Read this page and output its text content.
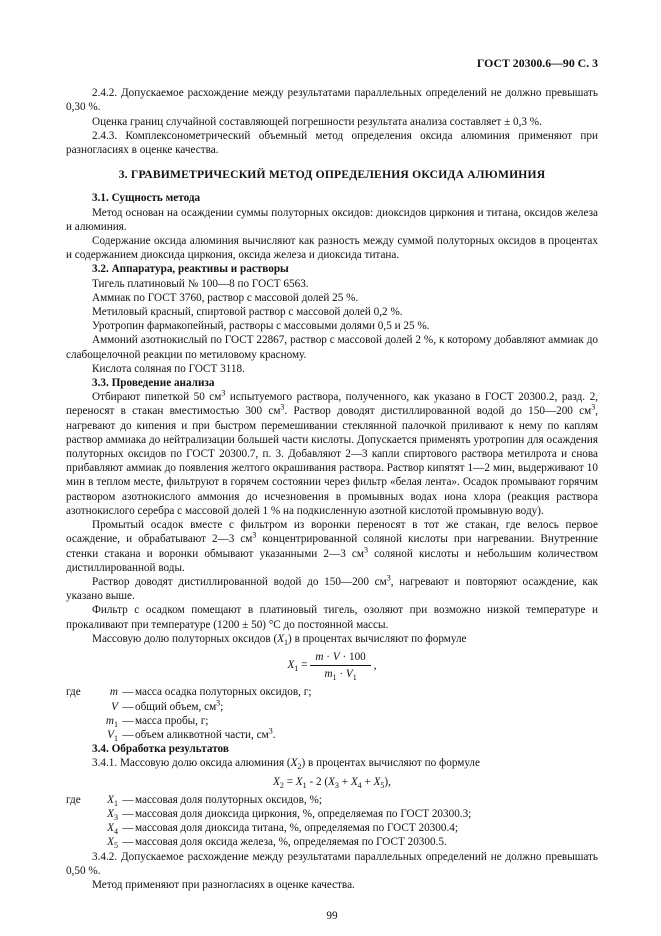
ГОСТ 20300.6—90 С. 3

2.4.2. Допускаемое расхождение между результатами параллельных определений не должно превышать 0,30 %.

Оценка границ случайной составляющей погрешности результата анализа составляет ± 0,3 %.

2.4.3. Комплексонометрический объемный метод определения оксида алюминия применяют при разногласиях в оценке качества.

3. ГРАВИМЕТРИЧЕСКИЙ МЕТОД ОПРЕДЕЛЕНИЯ ОКСИДА АЛЮМИНИЯ

3.1. Сущность метода

Метод основан на осаждении суммы полуторных оксидов: диоксидов циркония и титана, оксидов железа и алюминия.

Содержание оксида алюминия вычисляют как разность между суммой полуторных оксидов в процентах и содержанием диоксида циркония, оксида железа и диоксида титана.

3.2. Аппаратура, реактивы и растворы

Тигель платиновый № 100—8 по ГОСТ 6563.

Аммиак по ГОСТ 3760, раствор с массовой долей 25 %.

Метиловый красный, спиртовой раствор с массовой долей 0,2 %.

Уротропин фармакопейный, растворы с массовыми долями 0,5 и 25 %.

Аммоний азотнокислый по ГОСТ 22867, раствор с массовой долей 2 %, к которому добавляют аммиак до слабощелочной реакции по метиловому красному.

Кислота соляная по ГОСТ 3118.

3.3. Проведение анализа

Отбирают пипеткой 50 $см^3$ испытуемого раствора, полученного, как указано в ГОСТ 20300.2, разд. 2, переносят в стакан вместимостью 300 $см^3$. Раствор доводят дистиллированной водой до 150—200 $см^3$, нагревают до кипения и при быстром перемешивании стеклянной палочкой приливают к нему по каплям раствор аммиака до нейтрализации большей части кислоты. Допускается применять уротропин для осаждения полуторных оксидов по ГОСТ 20300.7, п. 3. Добавляют 2—3 капли спиртового раствора метилрота и снова прибавляют аммиак до появления желтого окрашивания раствора. Раствор кипятят 1—2 мин, выдерживают 10 мин в теплом месте, фильтруют в горячем состоянии через фильтр «белая лента». Осадок промывают горячим раствором азотнокислого аммония до исчезновения в промывных водах иона хлора (реакция раствора азотнокислого серебра с массовой долей 1 % на подкисленную азотной кислотой промывную воду).

Промытый осадок вместе с фильтром из воронки переносят в тот же стакан, где велось первое осаждение, и обрабатывают 2—3 $см^3$ концентрированной соляной кислоты при нагревании. Внутренние стенки стакана и воронки обмывают указанными 2—3 $см^3$ соляной кислоты и небольшим количеством дистиллированной воды.

Раствор доводят дистиллированной водой до 150—200 $см^3$, нагревают и повторяют осаждение, как указано выше.

Фильтр с осадком помещают в платиновый тигель, озоляют при возможно низкой температуре и прокаливают при температуре (1200 ± 50) °С до постоянной массы.

Массовую долю полуторных оксидов $(X_1)$ в процентах вычисляют по формуле

$X_1 = \frac{m \cdot V \cdot 100}{m_1 \cdot V_1}$ ,
где	m — масса осадка полуторных оксидов, г;
V — общий объем, $см^3$;
$m_1$ — масса пробы, г;
$V_1$ — объем аликвотной части, $см^3$.

3.4. Обработка результатов

3.4.1. Массовую долю оксида алюминия $(X_2)$ в процентах вычисляют по формуле

$X_2 = X_1 - 2$ $(X_3 + X_4 + X_5)$,
где	$X_1$ — массовая доля полуторных оксидов, %;
$X_3$ — массовая доля диоксида циркония, %, определяемая по ГОСТ 20300.3;
$X_4$ — массовая доля диоксида титана, %, определяемая по ГОСТ 20300.4;
$X_5$ — массовая доля оксида железа, %, определяемая по ГОСТ 20300.5.

3.4.2. Допускаемое расхождение между результатами параллельных определений не должно превышать 0,50 %.

Метод применяют при разногласиях в оценке качества.

99
